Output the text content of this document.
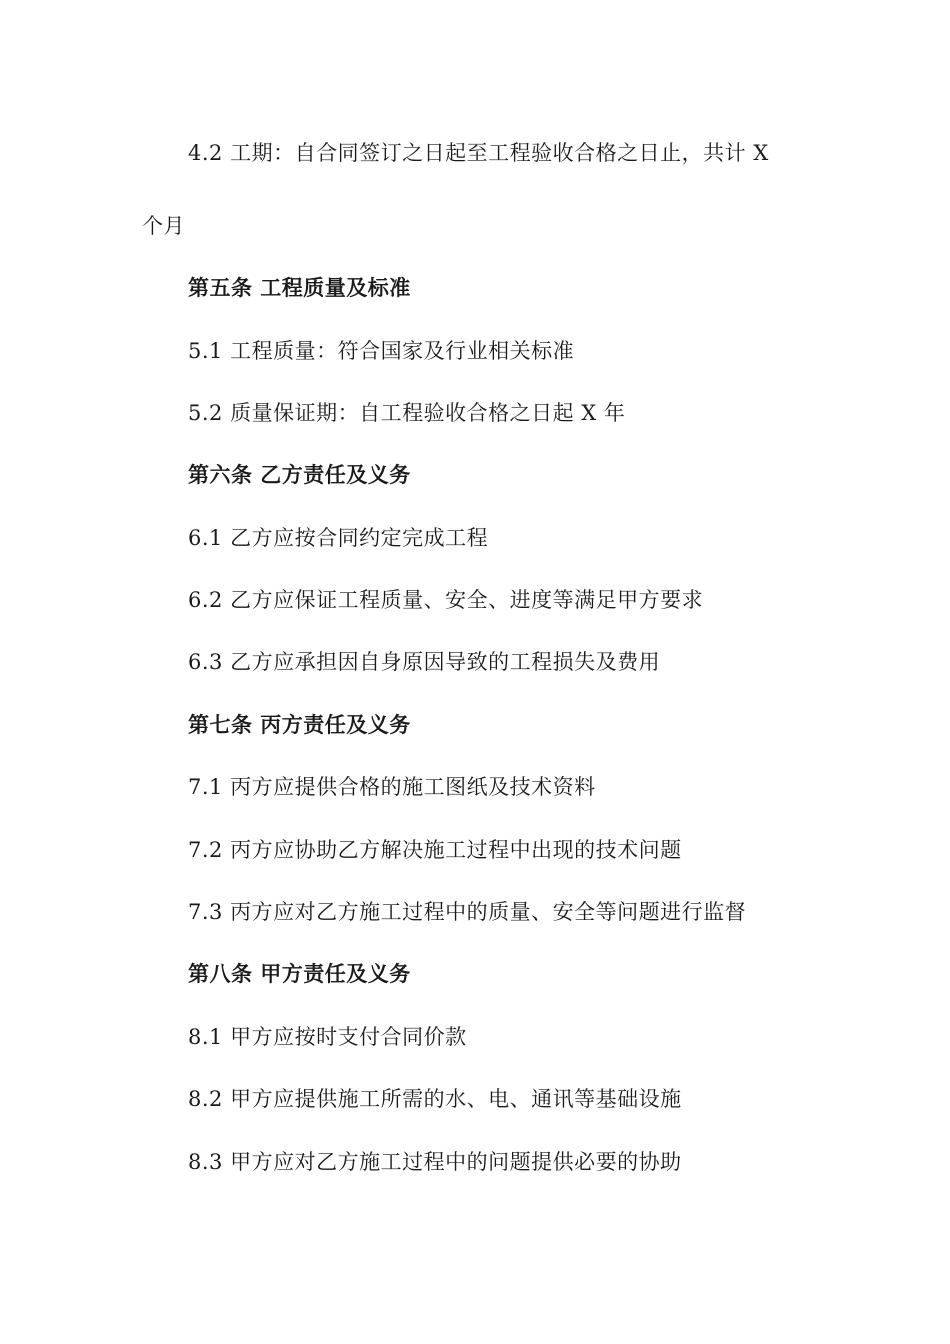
4.2 工期：自合同签订之日起至工程验收合格之日止，共计 X
个月
第五条 工程质量及标准
5.1 工程质量：符合国家及行业相关标准
5.2 质量保证期：自工程验收合格之日起 X 年
第六条 乙方责任及义务
6.1 乙方应按合同约定完成工程
6.2 乙方应保证工程质量、安全、进度等满足甲方要求
6.3 乙方应承担因自身原因导致的工程损失及费用
第七条 丙方责任及义务
7.1 丙方应提供合格的施工图纸及技术资料
7.2 丙方应协助乙方解决施工过程中出现的技术问题
7.3 丙方应对乙方施工过程中的质量、安全等问题进行监督
第八条 甲方责任及义务
8.1 甲方应按时支付合同价款
8.2 甲方应提供施工所需的水、电、通讯等基础设施
8.3 甲方应对乙方施工过程中的问题提供必要的协助
